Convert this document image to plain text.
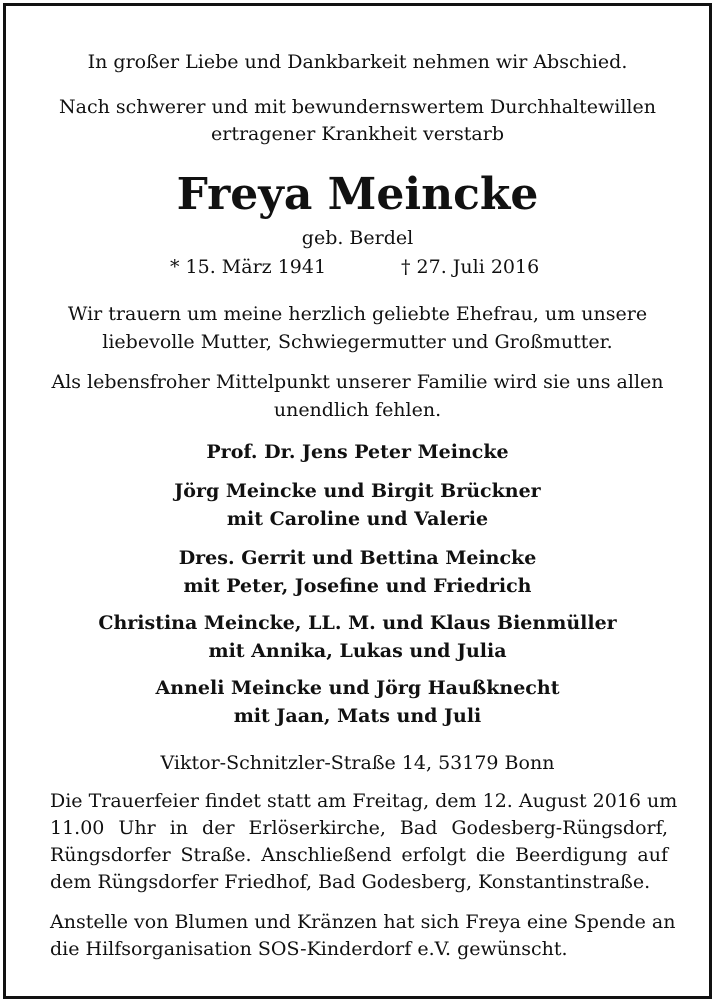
In großer Liebe und Dankbarkeit nehmen wir Abschied.
Nach schwerer und mit bewundernswertem Durchhaltewillen
ertragener Krankheit verstarb
Freya Meincke
geb. Berdel
* 15. März 1941	† 27. Juli 2016
Wir trauern um meine herzlich geliebte Ehefrau, um unsere
liebevolle Mutter, Schwiegermutter und Großmutter.
Als lebensfroher Mittelpunkt unserer Familie wird sie uns allen
unendlich fehlen.
Prof. Dr. Jens Peter Meincke
Jörg Meincke und Birgit Brückner
mit Caroline und Valerie
Dres. Gerrit und Bettina Meincke
mit Peter, Josefine und Friedrich
Christina Meincke, LL. M. und Klaus Bienmüller
mit Annika, Lukas und Julia
Anneli Meincke und Jörg Haußknecht
mit Jaan, Mats und Juli
Viktor-Schnitzler-Straße 14, 53179 Bonn
Die Trauerfeier findet statt am Freitag, dem 12. August 2016 um
11.00 Uhr in der Erlöserkirche, Bad Godesberg-Rüngsdorf,
Rüngsdorfer Straße. Anschließend erfolgt die Beerdigung auf
dem Rüngsdorfer Friedhof, Bad Godesberg, Konstantinstraße.
Anstelle von Blumen und Kränzen hat sich Freya eine Spende an
die Hilfsorganisation SOS-Kinderdorf e.V. gewünscht.
